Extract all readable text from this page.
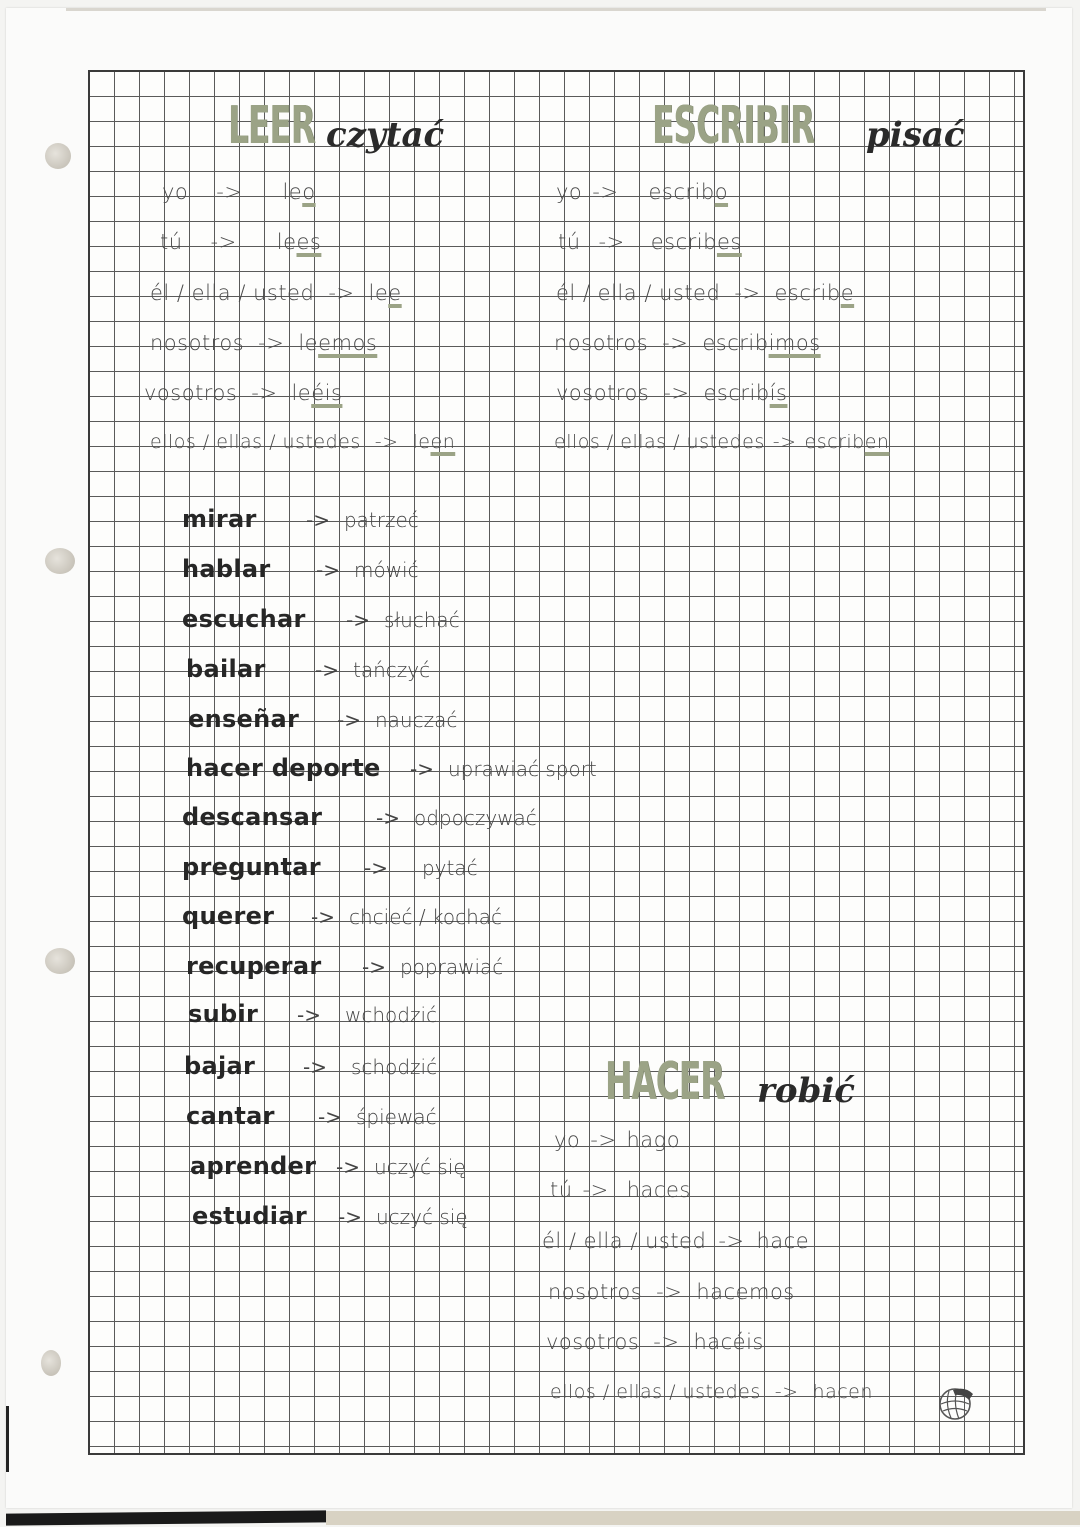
LEER czytać
yo -> leo
tú -> lees
él / ella / usted -> lee
nosotros -> leemos
vosotros -> leéis
ellos / ellas / ustedes -> leen
ESCRIBIR pisać
yo -> escribo
tú -> escribes
él / ella / usted -> escribe
nosotros -> escribimos
vosotros -> escribís
ellos / ellas / ustedes -> escriben
mirar	-> patrzeć
hablar	-> mówić
escuchar	-> słuchać
bailar	-> tańczyć
enseñar	-> nauczać
hacer deporte	-> uprawiać sport
descansar	-> odpoczywać
preguntar	-> pytać
querer	-> chcieć / kochać
recuperar	-> poprawiać
subir	-> wchodzić
bajar	-> schodzić
cantar	-> śpiewać
aprender -> uczyć się
estudiar	-> uczyć się
HACER robić
yo -> hago
tú -> haces
él / ella / usted -> hace
nosotros -> hacemos
vosotros -> hacéis
ellos / ellas / ustedes -> hacen
